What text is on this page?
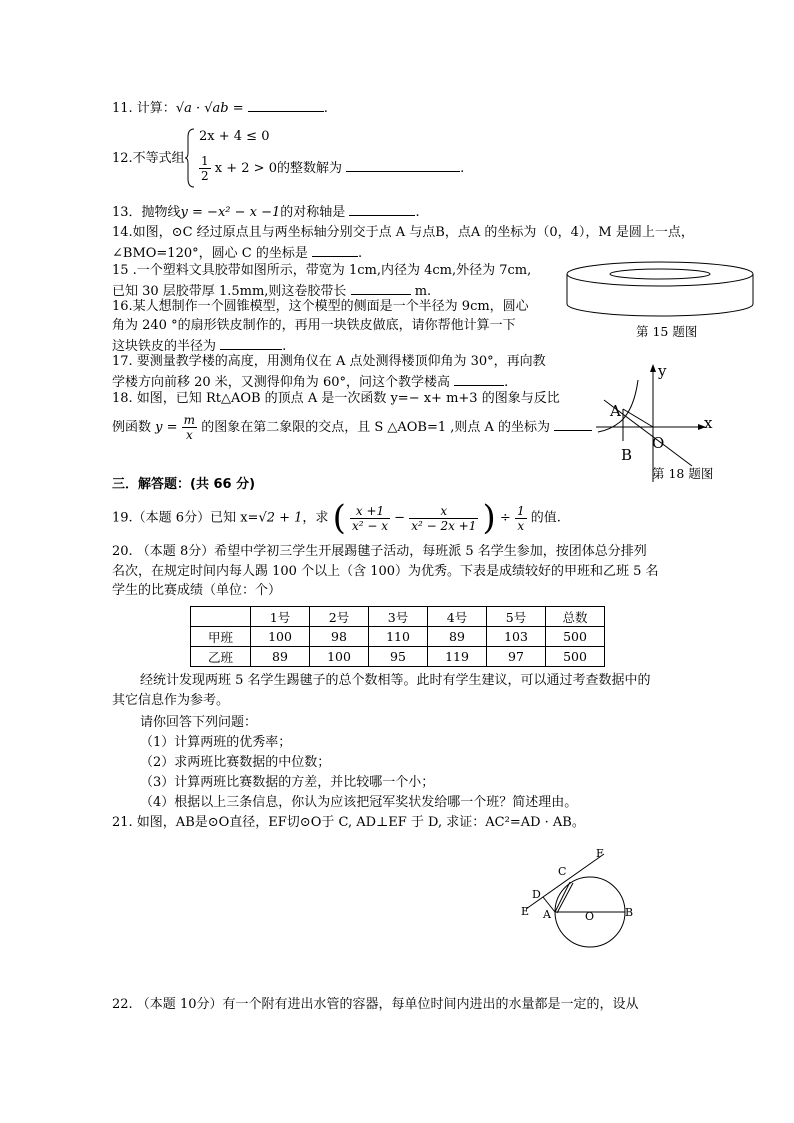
11. 计算：√a · √ab =	.
12.不等式组
2x + 4 ≤ 0
$\frac{1}{2}$ x + 2 > 0的整数解为	.
13．抛物线y = −x² − x −1的对称轴是	.
14.如图，⊙C 经过原点且与两坐标轴分别交于点 A 与点B，点A 的坐标为（0，4），M 是圆上一点，
∠BMO=120°，圆心 C 的坐标是	.
15 .一个塑料文具胶带如图所示，带宽为 1cm,内径为 4cm,外径为 7cm,
已知 30 层胶带厚 1.5mm,则这卷胶带长	m.
第 15 题图
16.某人想制作一个圆锥模型，这个模型的侧面是一个半径为 9cm，圆心
角为 240 °的扇形铁皮制作的，再用一块铁皮做底，请你帮他计算一下
这块铁皮的半径为	.
17. 要测量教学楼的高度，用测角仪在 A 点处测得楼顶仰角为 30°，再向教
学楼方向前移 20 米，又测得仰角为 60°，问这个教学楼高	.
18. 如图，已知 Rt△AOB 的顶点 A 是一次函数 y=− x+ m+3 的图象与反比
例函数 $y = \frac{m}{x}$ 的图象在第二象限的交点，且 S △AOB=1 ,则点 A 的坐标为
y
x
A
B
O
第 18 题图
三．解答题：(共 66 分)
19.（本题 6分）已知 x=√2 + 1，求 ( $\frac{x +1}{\text{x² − x}} - \frac{x}{\text{x² − 2x +1}}$ ) ÷ $\frac{1}{x}$ 的值.
20. （本题 8分）希望中学初三学生开展踢毽子活动，每班派 5 名学生参加，按团体总分排列
名次，在规定时间内每人踢 100 个以上（含 100）为优秀。下表是成绩较好的甲班和乙班 5 名
学生的比赛成绩（单位：个）
	1号	2号	3号	4号	5号	总数
甲班	100	98	110	89	103	500
乙班	89	100	95	119	97	500
经统计发现两班 5 名学生踢毽子的总个数相等。此时有学生建议，可以通过考查数据中的
其它信息作为参考。
请你回答下列问题：
（1）计算两班的优秀率；
（2）求两班比赛数据的中位数；
（3）计算两班比赛数据的方差，并比较哪一个小；
（4）根据以上三条信息，你认为应该把冠军奖状发给哪一个班？简述理由。
21. 如图，AB是⊙O直径，EF切⊙O于 C, AD⊥EF 于 D, 求证：AC²=AD · AB。
F
C
D
E A	O	B
22. （本题 10分）有一个附有进出水管的容器，每单位时间内进出的水量都是一定的，设从
